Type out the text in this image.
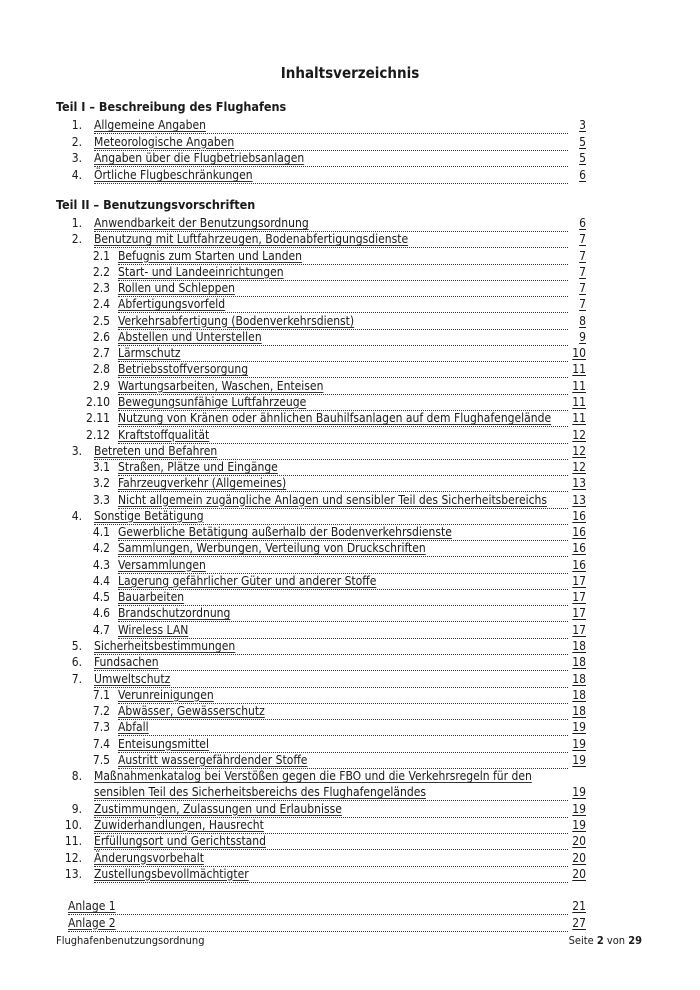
Inhaltsverzeichnis
Teil I – Beschreibung des Flughafens
1. Allgemeine Angaben	3
2. Meteorologische Angaben	5
3. Angaben über die Flugbetriebsanlagen	5
4. Örtliche Flugbeschränkungen	6
Teil II – Benutzungsvorschriften
1. Anwendbarkeit der Benutzungsordnung	6
2. Benutzung mit Luftfahrzeugen, Bodenabfertigungsdienste	7
2.1 Befugnis zum Starten und Landen	7
2.2 Start- und Landeeinrichtungen	7
2.3 Rollen und Schleppen	7
2.4 Abfertigungsvorfeld	7
2.5 Verkehrsabfertigung (Bodenverkehrsdienst)	8
2.6 Abstellen und Unterstellen	9
2.7 Lärmschutz	10
2.8 Betriebsstoffversorgung	11
2.9 Wartungsarbeiten, Waschen, Enteisen	11
2.10 Bewegungsunfähige Luftfahrzeuge	11
2.11 Nutzung von Kränen oder ähnlichen Bauhilfsanlagen auf dem Flughafengelände	11
2.12 Kraftstoffqualität	12
3. Betreten und Befahren	12
3.1 Straßen, Plätze und Eingänge	12
3.2 Fahrzeugverkehr (Allgemeines)	13
3.3 Nicht allgemein zugängliche Anlagen und sensibler Teil des Sicherheitsbereichs	13
4. Sonstige Betätigung	16
4.1 Gewerbliche Betätigung außerhalb der Bodenverkehrsdienste	16
4.2 Sammlungen, Werbungen, Verteilung von Druckschriften	16
4.3 Versammlungen	16
4.4 Lagerung gefährlicher Güter und anderer Stoffe	17
4.5 Bauarbeiten	17
4.6 Brandschutzordnung	17
4.7 Wireless LAN	17
5. Sicherheitsbestimmungen	18
6. Fundsachen	18
7. Umweltschutz	18
7.1 Verunreinigungen	18
7.2 Abwässer, Gewässerschutz	18
7.3 Abfall	19
7.4 Enteisungsmittel	19
7.5 Austritt wassergefährdender Stoffe	19
8. Maßnahmenkatalog bei Verstößen gegen die FBO und die Verkehrsregeln für den
sensiblen Teil des Sicherheitsbereichs des Flughafengeländes	19
9. Zustimmungen, Zulassungen und Erlaubnisse	19
10. Zuwiderhandlungen, Hausrecht	19
11. Erfüllungsort und Gerichtsstand	20
12. Änderungsvorbehalt	20
13. Zustellungsbevollmächtigter	20
Anlage 1	21
Anlage 2	27
Flughafenbenutzungsordnung	Seite 2 von 29
